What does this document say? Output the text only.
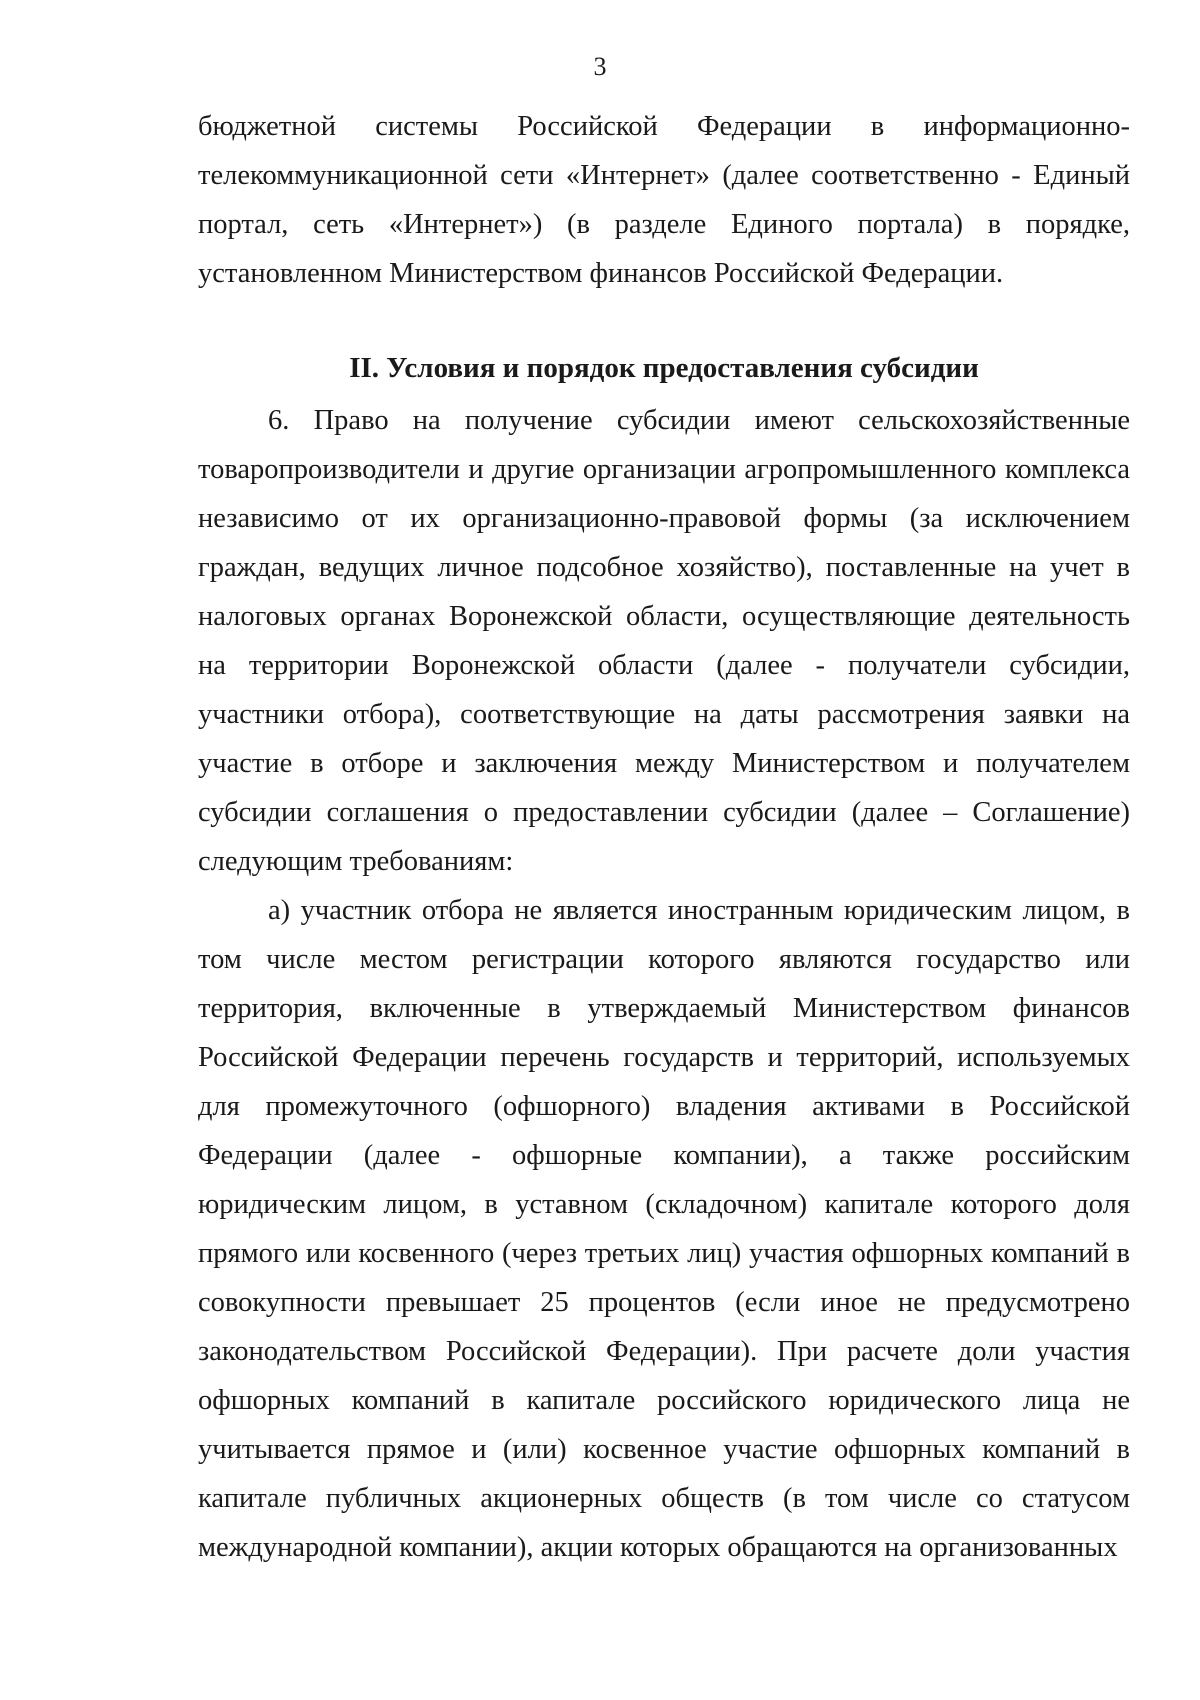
3

бюджетной системы Российской Федерации в информационно-телекоммуникационной сети «Интернет» (далее соответственно - Единый портал, сеть «Интернет») (в разделе Единого портала) в порядке, установленном Министерством финансов Российской Федерации.

II. Условия и порядок предоставления субсидии

6. Право на получение субсидии имеют сельскохозяйственные товаропроизводители и другие организации агропромышленного комплекса независимо от их организационно-правовой формы (за исключением граждан, ведущих личное подсобное хозяйство), поставленные на учет в налоговых органах Воронежской области, осуществляющие деятельность на территории Воронежской области (далее - получатели субсидии, участники отбора), соответствующие на даты рассмотрения заявки на участие в отборе и заключения между Министерством и получателем субсидии соглашения о предоставлении субсидии (далее – Соглашение) следующим требованиям:

а) участник отбора не является иностранным юридическим лицом, в том числе местом регистрации которого являются государство или территория, включенные в утверждаемый Министерством финансов Российской Федерации перечень государств и территорий, используемых для промежуточного (офшорного) владения активами в Российской Федерации (далее - офшорные компании), а также российским юридическим лицом, в уставном (складочном) капитале которого доля прямого или косвенного (через третьих лиц) участия офшорных компаний в совокупности превышает 25 процентов (если иное не предусмотрено законодательством Российской Федерации). При расчете доли участия офшорных компаний в капитале российского юридического лица не учитывается прямое и (или) косвенное участие офшорных компаний в капитале публичных акционерных обществ (в том числе со статусом международной компании), акции которых обращаются на организованных
